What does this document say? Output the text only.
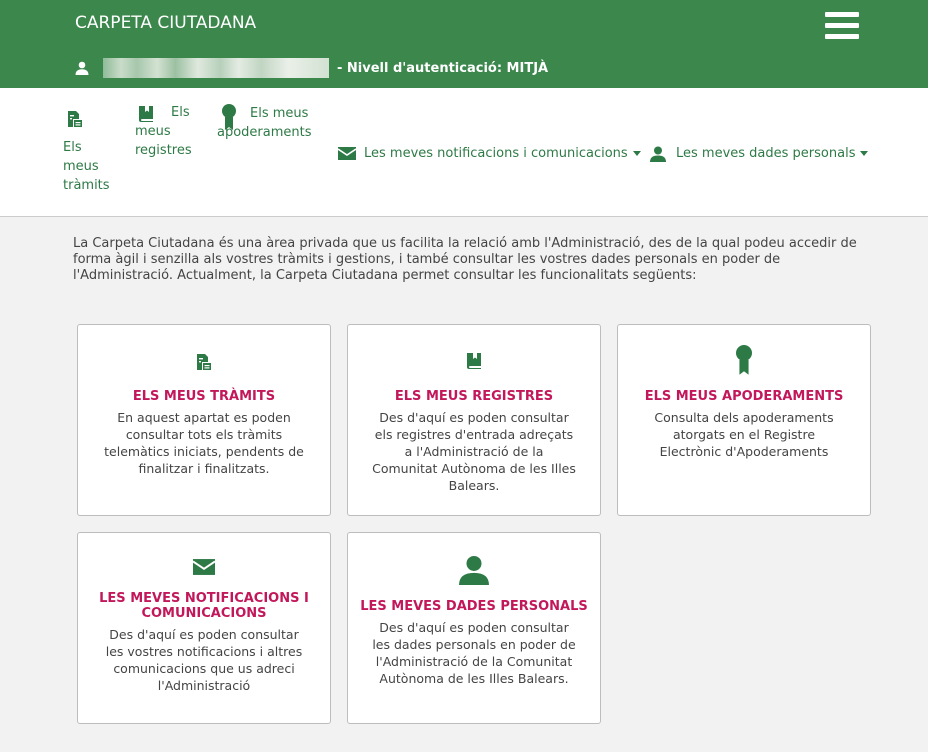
CARPETA CIUTADANA
- Nivell d'autenticació: MITJÀ
Els meus tràmits
Els meus registres
Els meus apoderaments
Les meves notificacions i comunicacions	Les meves dades personals
La Carpeta Ciutadana és una àrea privada que us facilita la relació amb l'Administració, des de la qual podeu accedir de forma àgil i senzilla als vostres tràmits i gestions, i també consultar les vostres dades personals en poder de l'Administració. Actualment, la Carpeta Ciutadana permet consultar les funcionalitats següents:
ELS MEUS TRÀMITS
En aquest apartat es poden consultar tots els tràmits telemàtics iniciats, pendents de finalitzar i finalitzats.
ELS MEUS REGISTRES
Des d'aquí es poden consultar els registres d'entrada adreçats a l'Administració de la Comunitat Autònoma de les Illes Balears.
ELS MEUS APODERAMENTS
Consulta dels apoderaments atorgats en el Registre Electrònic d'Apoderaments
LES MEVES NOTIFICACIONS I COMUNICACIONS
Des d'aquí es poden consultar les vostres notificacions i altres comunicacions que us adreci l'Administració
LES MEVES DADES PERSONALS
Des d'aquí es poden consultar les dades personals en poder de l'Administració de la Comunitat Autònoma de les Illes Balears.
